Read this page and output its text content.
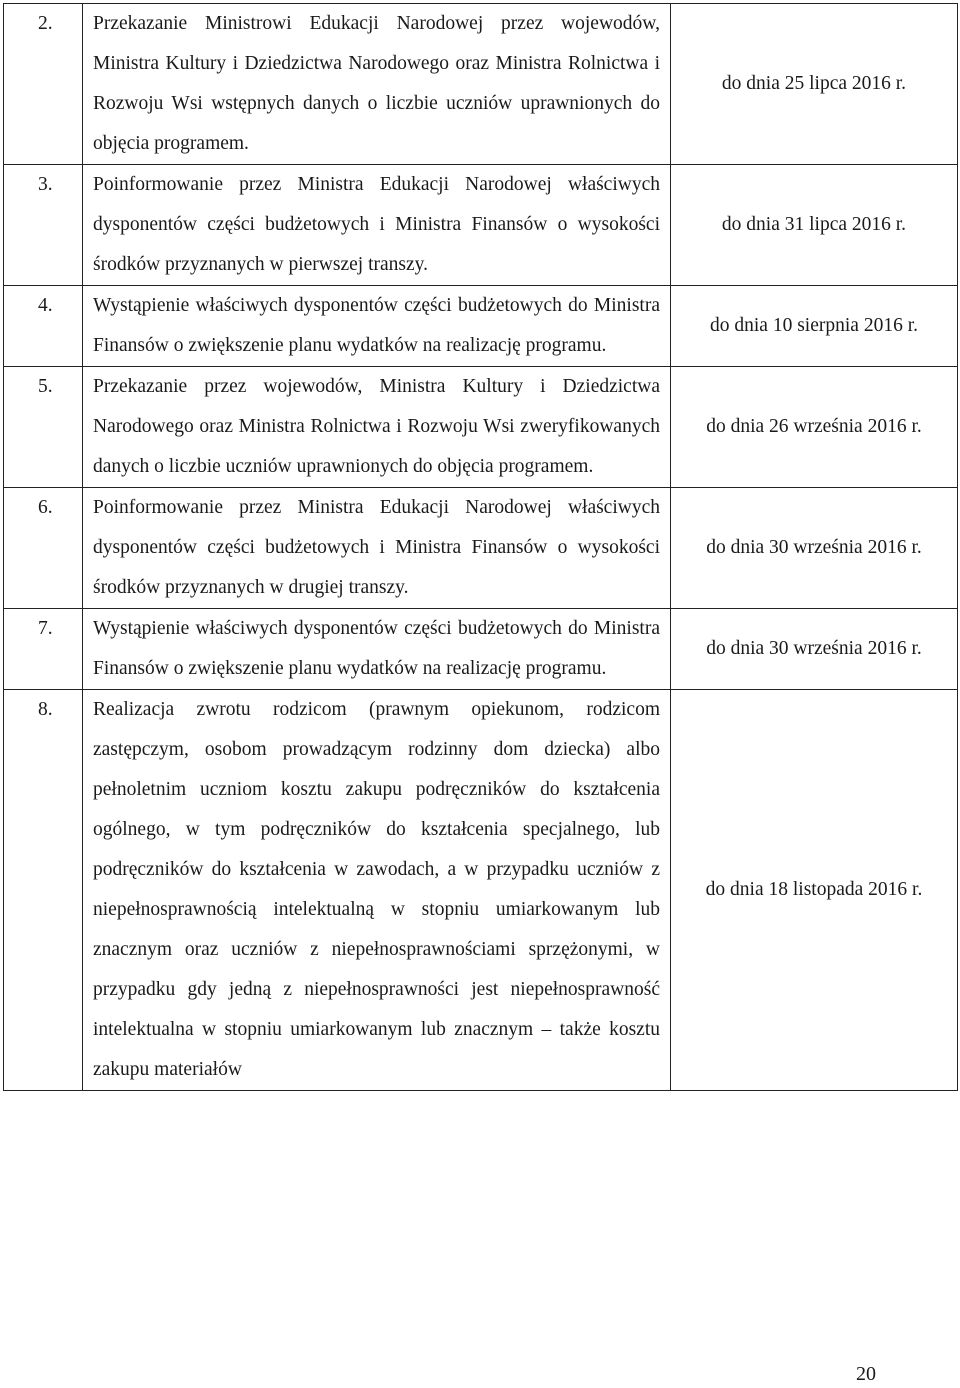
2.	Przekazanie Ministrowi Edukacji Narodowej przez wojewodów, Ministra Kultury i Dziedzictwa Narodowego oraz Ministra Rolnictwa i Rozwoju Wsi wstępnych danych o liczbie uczniów uprawnionych do objęcia programem.	do dnia 25 lipca 2016 r.
3.	Poinformowanie przez Ministra Edukacji Narodowej właściwych dysponentów części budżetowych i Ministra Finansów o wysokości środków przyznanych w pierwszej transzy.	do dnia 31 lipca 2016 r.
4.	Wystąpienie właściwych dysponentów części budżetowych do Ministra Finansów o zwiększenie planu wydatków na realizację programu.	do dnia 10 sierpnia 2016 r.
5.	Przekazanie przez wojewodów, Ministra Kultury i Dziedzictwa Narodowego oraz Ministra Rolnictwa i Rozwoju Wsi zweryfikowanych danych o liczbie uczniów uprawnionych do objęcia programem.	do dnia 26 września 2016 r.
6.	Poinformowanie przez Ministra Edukacji Narodowej właściwych dysponentów części budżetowych i Ministra Finansów o wysokości środków przyznanych w drugiej transzy.	do dnia 30 września 2016 r.
7.	Wystąpienie właściwych dysponentów części budżetowych do Ministra Finansów o zwiększenie planu wydatków na realizację programu.	do dnia 30 września 2016 r.
8.	Realizacja zwrotu rodzicom (prawnym opiekunom, rodzicom zastępczym, osobom prowadzącym rodzinny dom dziecka) albo pełnoletnim uczniom kosztu zakupu podręczników do kształcenia ogólnego, w tym podręczników do kształcenia specjalnego, lub podręczników do kształcenia w zawodach, a w przypadku uczniów z niepełnosprawnością intelektualną w stopniu umiarkowanym lub znacznym oraz uczniów z niepełnosprawnościami sprzężonymi, w przypadku gdy jedną z niepełnosprawności jest niepełnosprawność intelektualna w stopniu umiarkowanym lub znacznym – także kosztu zakupu materiałów	do dnia 18 listopada 2016 r.
20
